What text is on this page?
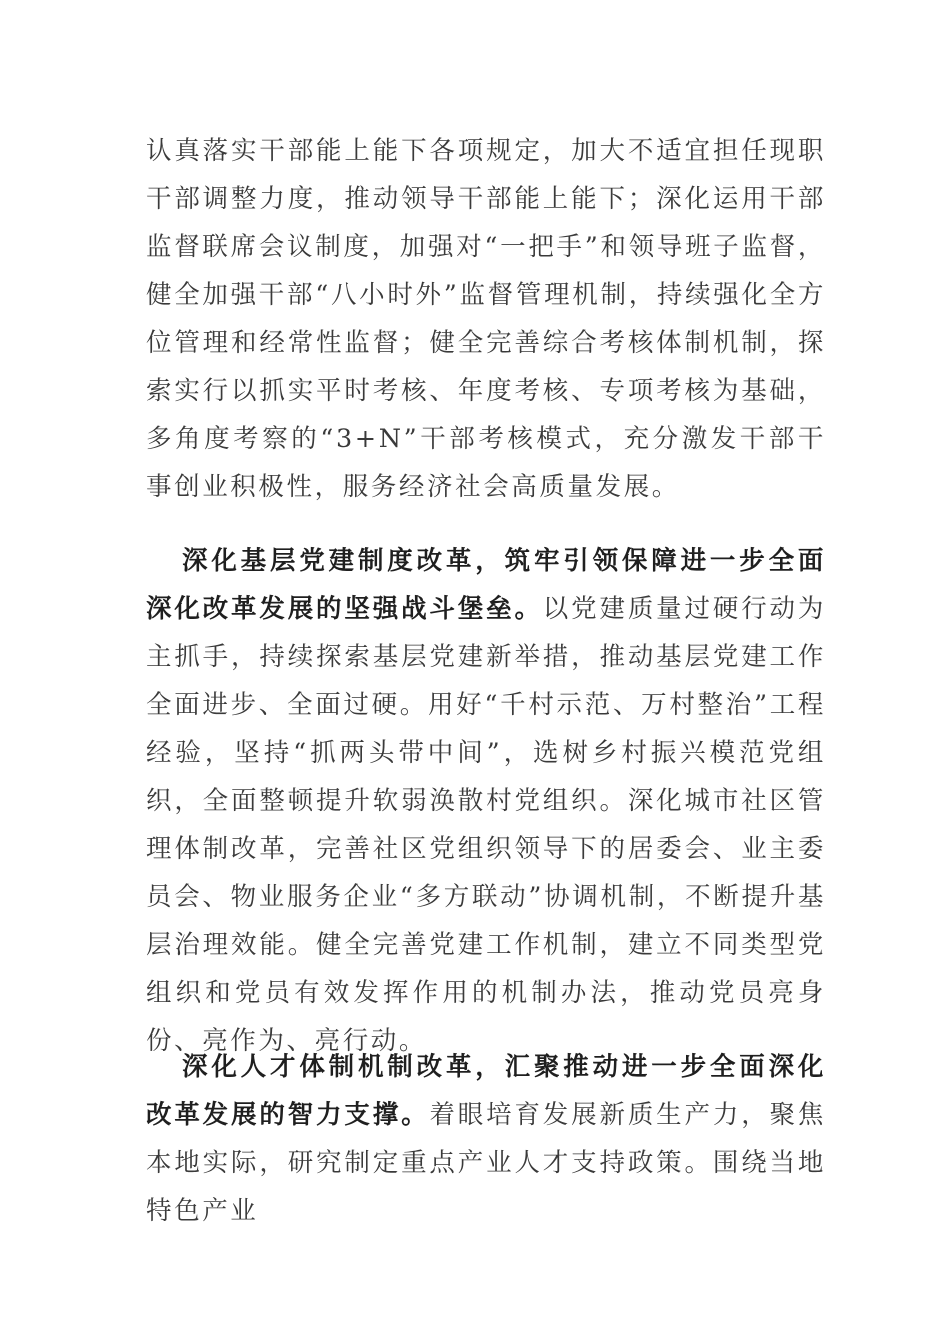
认真落实干部能上能下各项规定，加大不适宜担任现职干部调整力度，推动领导干部能上能下；深化运用干部监督联席会议制度，加强对“一把手”和领导班子监督，健全加强干部“八小时外”监督管理机制，持续强化全方位管理和经常性监督；健全完善综合考核体制机制，探索实行以抓实平时考核、年度考核、专项考核为基础，多角度考察的“3+N”干部考核模式，充分激发干部干事创业积极性，服务经济社会高质量发展。

深化基层党建制度改革，筑牢引领保障进一步全面深化改革发展的坚强战斗堡垒。以党建质量过硬行动为主抓手，持续探索基层党建新举措，推动基层党建工作全面进步、全面过硬。用好“千村示范、万村整治”工程经验，坚持“抓两头带中间”，选树乡村振兴模范党组织，全面整顿提升软弱涣散村党组织。深化城市社区管理体制改革，完善社区党组织领导下的居委会、业主委员会、物业服务企业“多方联动”协调机制，不断提升基层治理效能。健全完善党建工作机制，建立不同类型党组织和党员有效发挥作用的机制办法，推动党员亮身份、亮作为、亮行动。

深化人才体制机制改革，汇聚推动进一步全面深化改革发展的智力支撑。着眼培育发展新质生产力，聚焦本地实际，研究制定重点产业人才支持政策。围绕当地特色产业
